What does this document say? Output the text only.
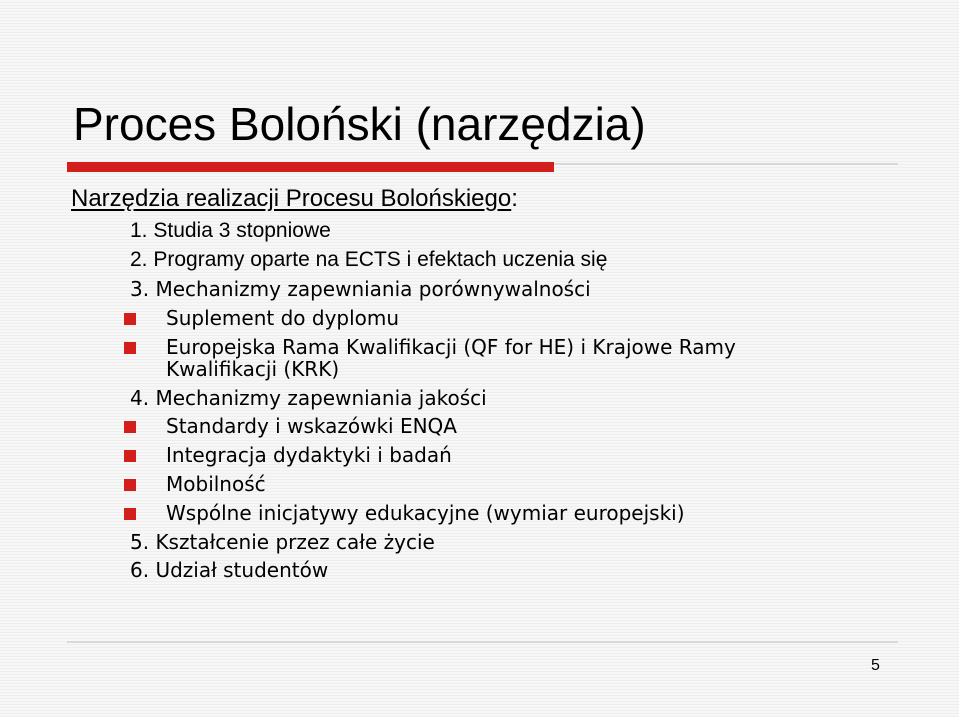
Proces Boloński (narzędzia)
Narzędzia realizacji Procesu Bolońskiego:
1. Studia 3 stopniowe
2. Programy oparte na ECTS i efektach uczenia się
3. Mechanizmy zapewniania porównywalności
Suplement do dyplomu
Europejska Rama Kwalifikacji (QF for HE) i Krajowe Ramy
Kwalifikacji (KRK)
4. Mechanizmy zapewniania jakości
Standardy i wskazówki ENQA
Integracja dydaktyki i badań
Mobilność
Wspólne inicjatywy edukacyjne (wymiar europejski)
5. Kształcenie przez całe życie
6. Udział studentów
5
